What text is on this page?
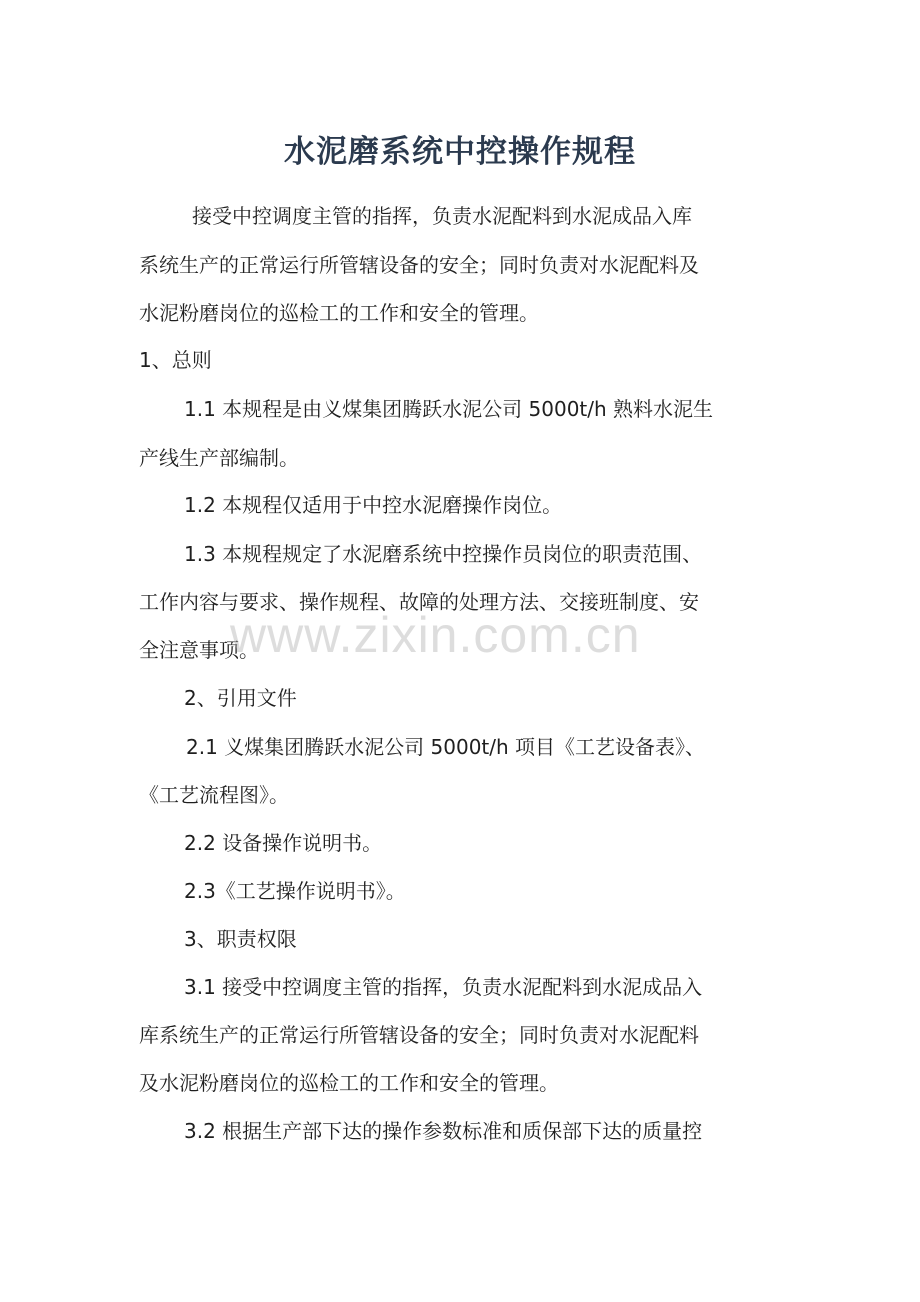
水泥磨系统中控操作规程
接受中控调度主管的指挥，负责水泥配料到水泥成品入库
系统生产的正常运行所管辖设备的安全；同时负责对水泥配料及
水泥粉磨岗位的巡检工的工作和安全的管理。
1、总则
1.1 本规程是由义煤集团腾跃水泥公司 5000t/h 熟料水泥生
产线生产部编制。
1.2 本规程仅适用于中控水泥磨操作岗位。
1.3 本规程规定了水泥磨系统中控操作员岗位的职责范围、
工作内容与要求、操作规程、故障的处理方法、交接班制度、安
全注意事项。
2、引用文件
2.1 义煤集团腾跃水泥公司 5000t/h 项目《工艺设备表》、
《工艺流程图》。
2.2 设备操作说明书。
2.3《工艺操作说明书》。
3、职责权限
3.1 接受中控调度主管的指挥，负责水泥配料到水泥成品入
库系统生产的正常运行所管辖设备的安全；同时负责对水泥配料
及水泥粉磨岗位的巡检工的工作和安全的管理。
3.2 根据生产部下达的操作参数标准和质保部下达的质量控
www.zixin.com.cn
